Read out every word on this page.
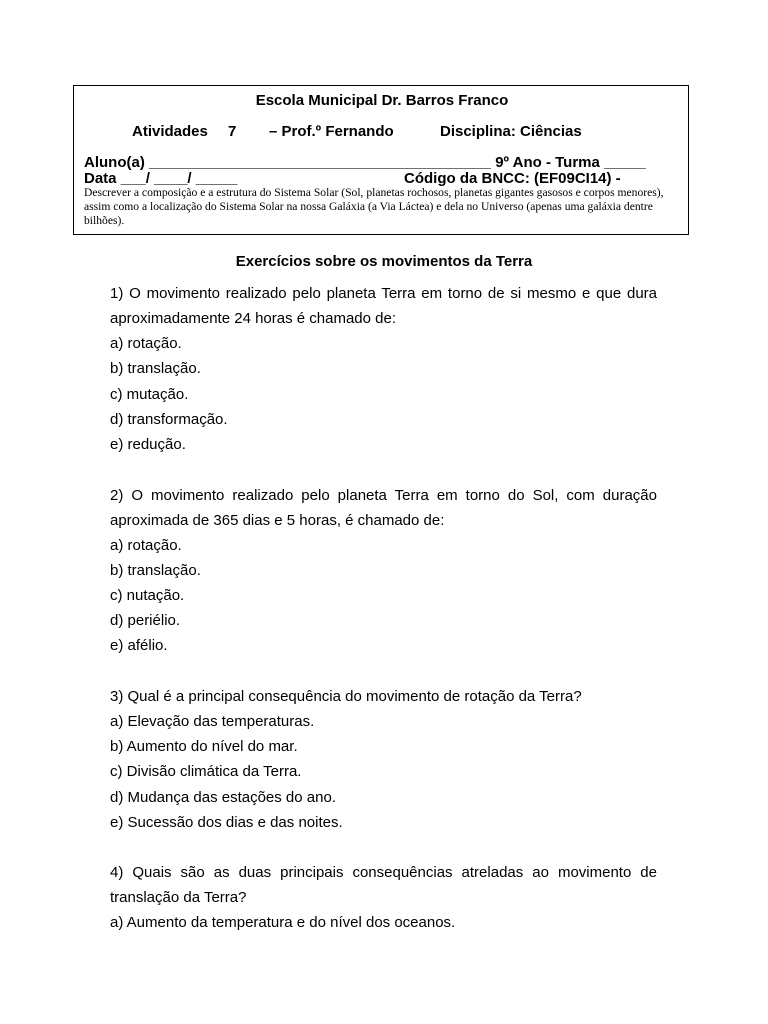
Escola Municipal Dr. Barros Franco
Atividades 7 – Prof.º Fernando	Disciplina: Ciências
Aluno(a) _________________________________________ 9º Ano - Turma _____
Data ___/ ____/ _____	Código da BNCC: (EF09CI14) -
Descrever a composição e a estrutura do Sistema Solar (Sol, planetas rochosos, planetas gigantes gasosos e corpos menores), assim como a localização do Sistema Solar na nossa Galáxia (a Via Láctea) e dela no Universo (apenas uma galáxia dentre bilhões).
Exercícios sobre os movimentos da Terra
1) O movimento realizado pelo planeta Terra em torno de si mesmo e que dura
aproximadamente 24 horas é chamado de:
a) rotação.
b) translação.
c) mutação.
d) transformação.
e) redução.
2) O movimento realizado pelo planeta Terra em torno do Sol, com duração
aproximada de 365 dias e 5 horas, é chamado de:
a) rotação.
b) translação.
c) nutação.
d) periélio.
e) afélio.
3) Qual é a principal consequência do movimento de rotação da Terra?
a) Elevação das temperaturas.
b) Aumento do nível do mar.
c) Divisão climática da Terra.
d) Mudança das estações do ano.
e) Sucessão dos dias e das noites.
4) Quais são as duas principais consequências atreladas ao movimento de
translação da Terra?
a) Aumento da temperatura e do nível dos oceanos.
